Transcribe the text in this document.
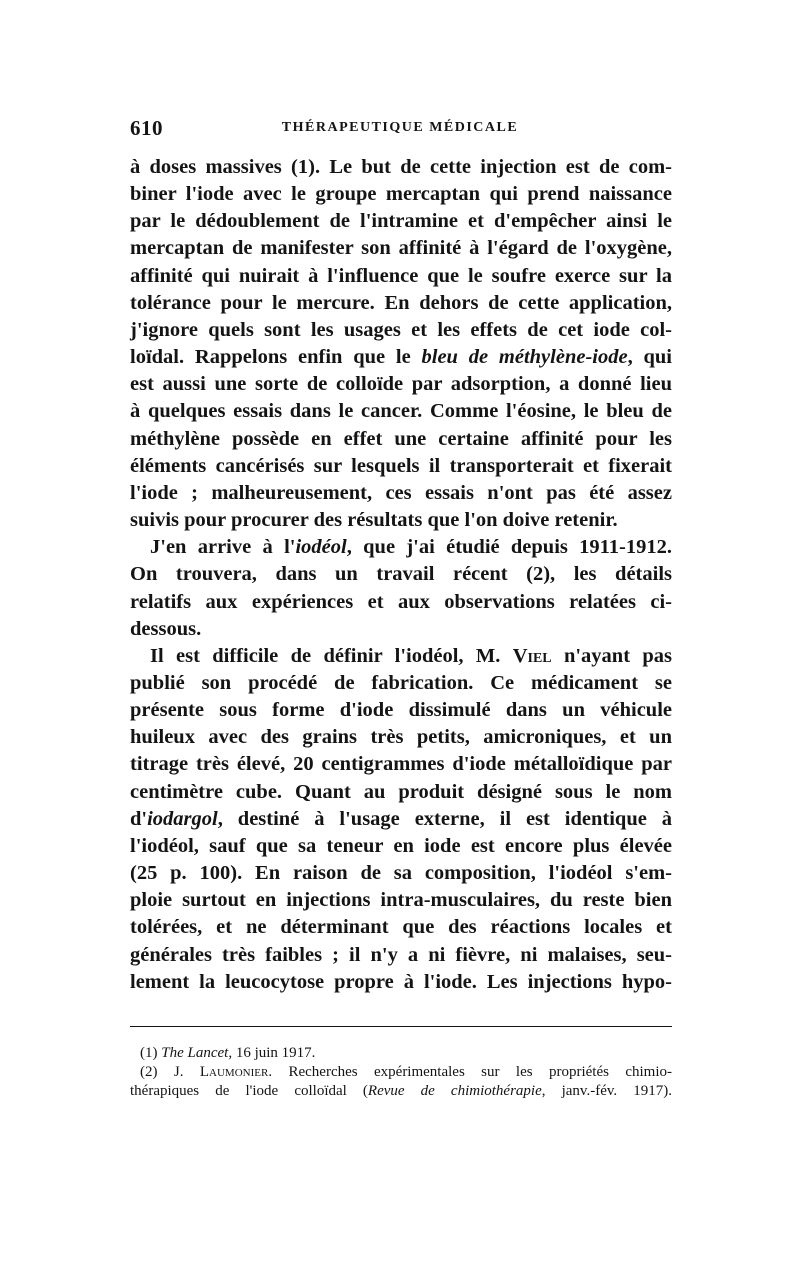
610	THÉRAPEUTIQUE MÉDICALE
à doses massives (1). Le but de cette injection est de com-
biner l'iode avec le groupe mercaptan qui prend naissance
par le dédoublement de l'intramine et d'empêcher ainsi le
mercaptan de manifester son affinité à l'égard de l'oxygène,
affinité qui nuirait à l'influence que le soufre exerce sur la
tolérance pour le mercure. En dehors de cette application,
j'ignore quels sont les usages et les effets de cet iode col-
loïdal. Rappelons enfin que le bleu de méthylène-iode, qui
est aussi une sorte de colloïde par adsorption, a donné lieu
à quelques essais dans le cancer. Comme l'éosine, le bleu de
méthylène possède en effet une certaine affinité pour les
éléments cancérisés sur lesquels il transporterait et fixerait
l'iode ; malheureusement, ces essais n'ont pas été assez
suivis pour procurer des résultats que l'on doive retenir.
J'en arrive à l'iodéol, que j'ai étudié depuis 1911-1912.
On trouvera, dans un travail récent (2), les détails
relatifs aux expériences et aux observations relatées ci-
dessous.
Il est difficile de définir l'iodéol, M. Viel n'ayant pas
publié son procédé de fabrication. Ce médicament se
présente sous forme d'iode dissimulé dans un véhicule
huileux avec des grains très petits, amicroniques, et un
titrage très élevé, 20 centigrammes d'iode métalloïdique par
centimètre cube. Quant au produit désigné sous le nom
d'iodargol, destiné à l'usage externe, il est identique à
l'iodéol, sauf que sa teneur en iode est encore plus élevée
(25 p. 100). En raison de sa composition, l'iodéol s'em-
ploie surtout en injections intra-musculaires, du reste bien
tolérées, et ne déterminant que des réactions locales et
générales très faibles ; il n'y a ni fièvre, ni malaises, seu-
lement la leucocytose propre à l'iode. Les injections hypo-
(1) The Lancet, 16 juin 1917.
(2) J. Laumonier. Recherches expérimentales sur les propriétés chimio-
thérapiques de l'iode colloïdal (Revue de chimiothérapie, janv.-fév. 1917).
